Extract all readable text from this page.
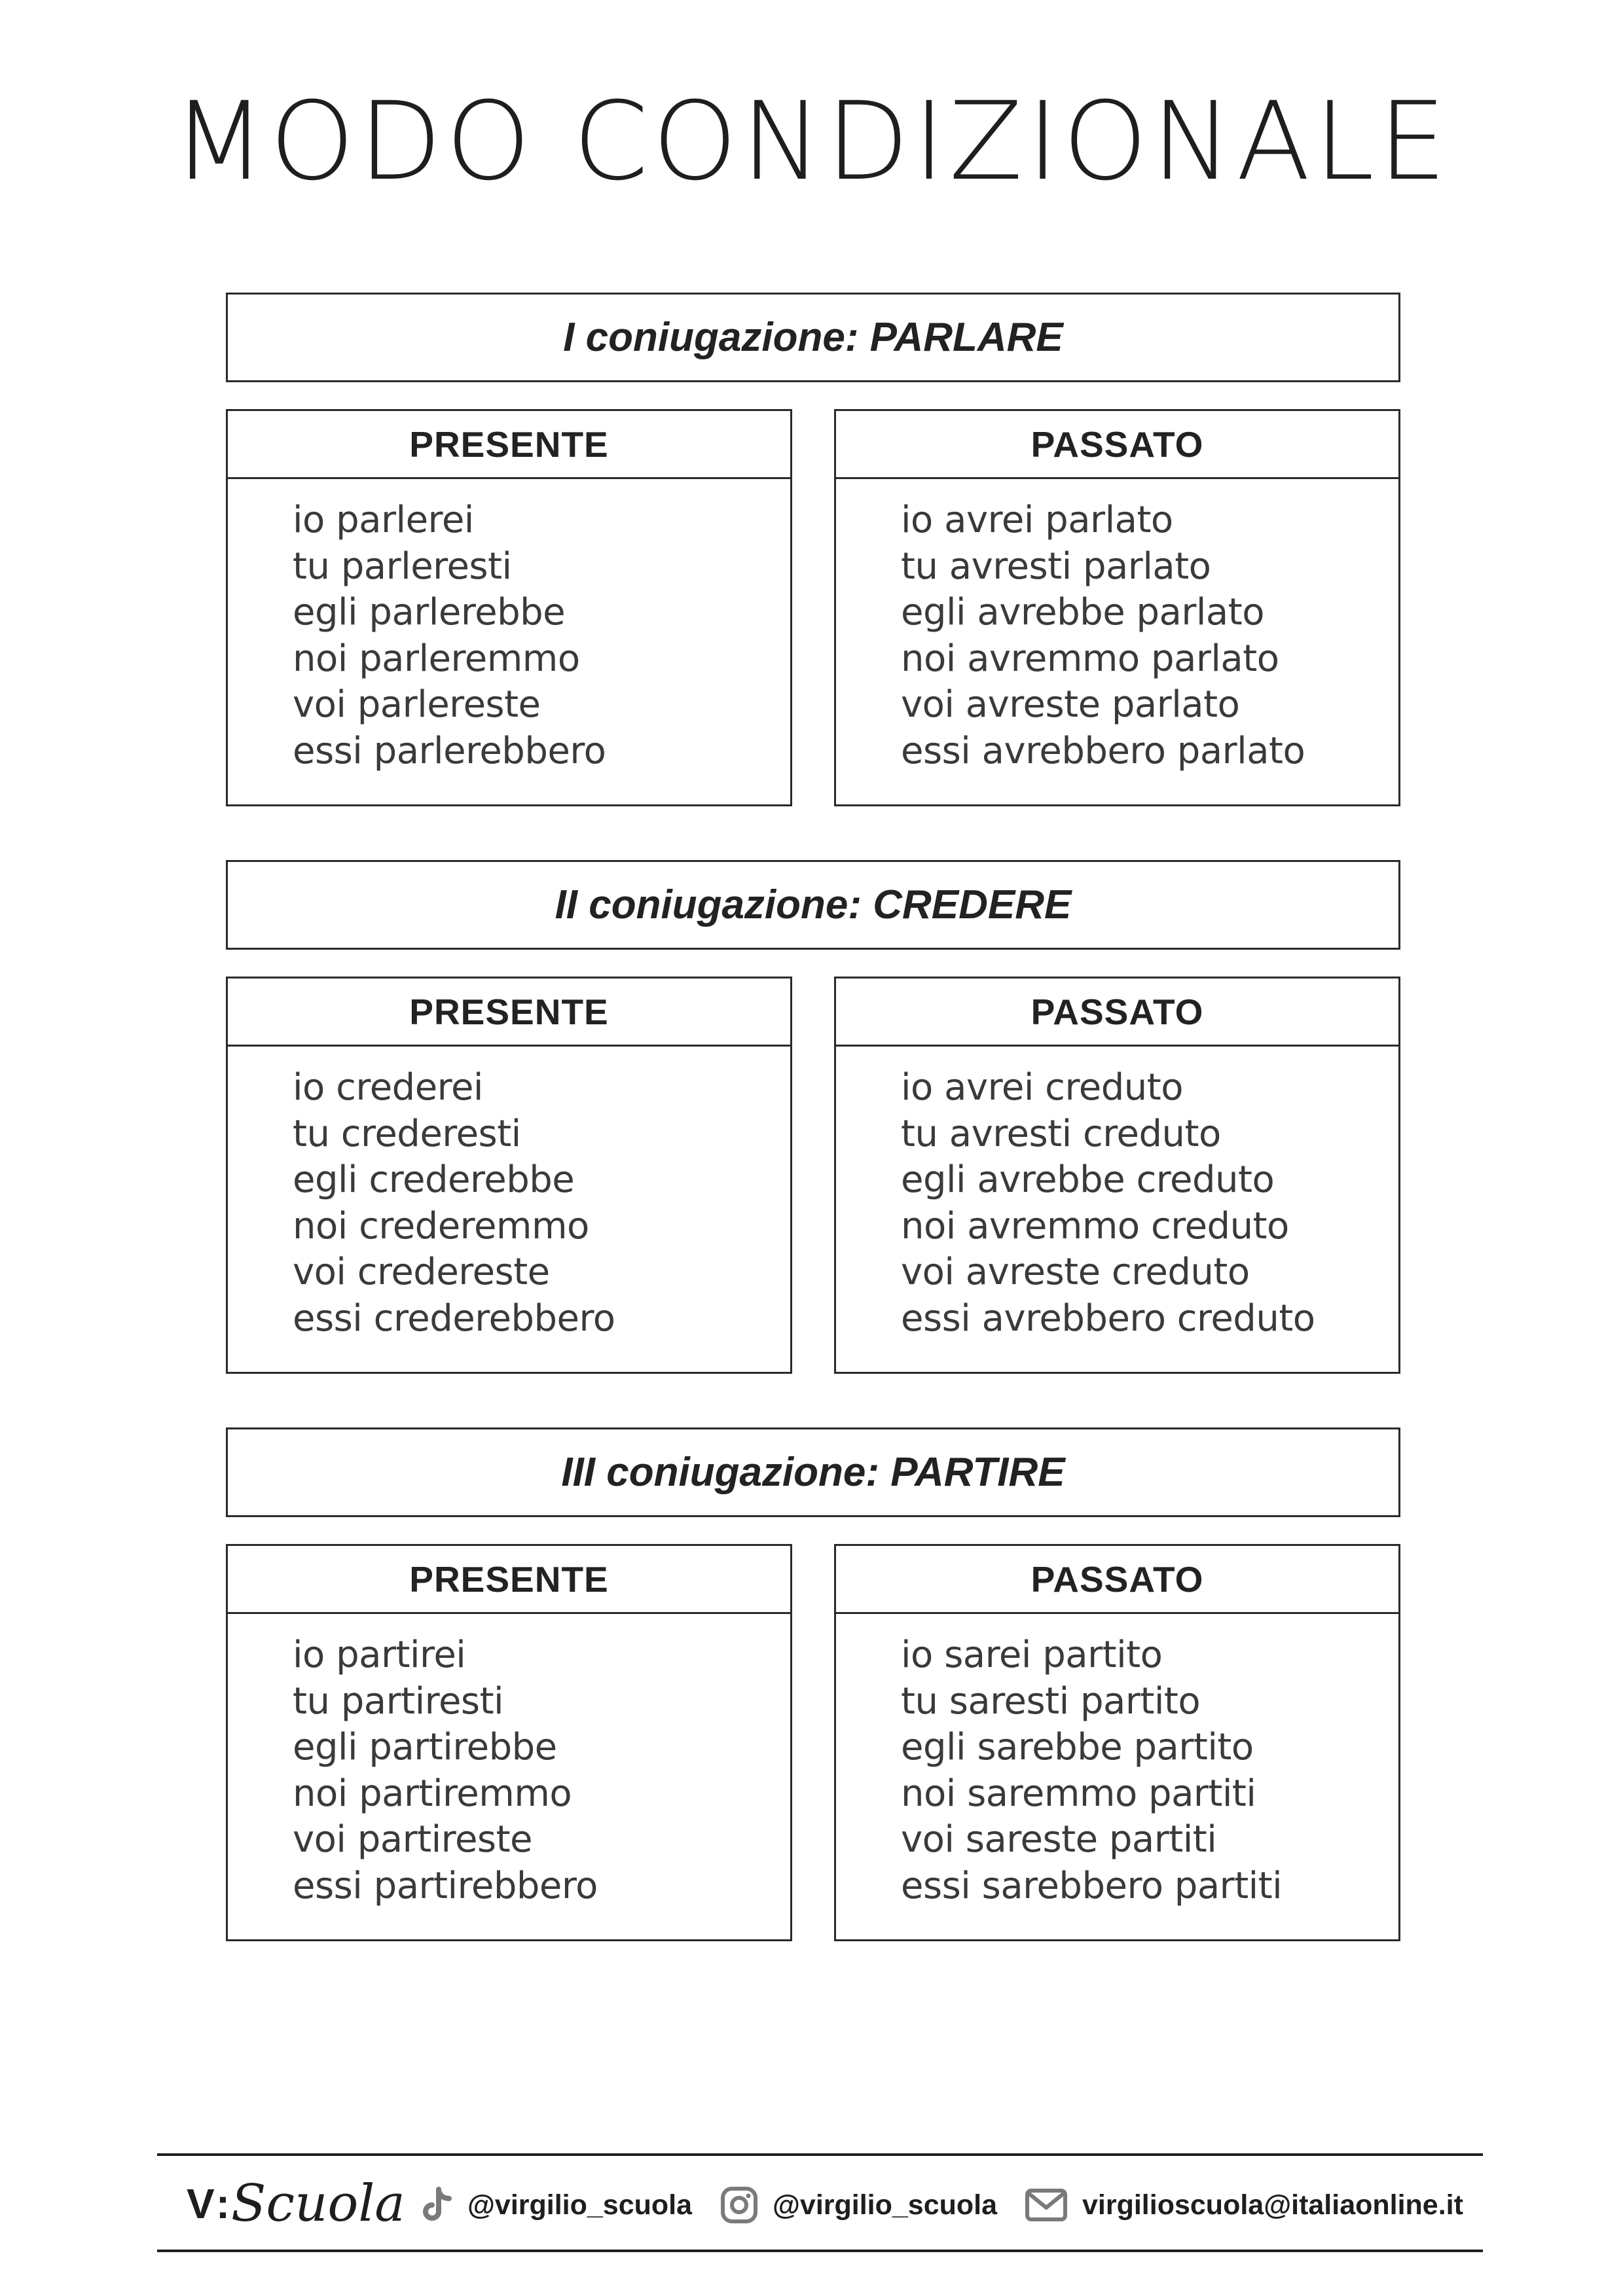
MODO CONDIZIONALE
I coniugazione: PARLARE
PRESENTE
io parlerei
tu parleresti
egli parlerebbe
noi parleremmo
voi parlereste
essi parlerebbero
PASSATO
io avrei parlato
tu avresti parlato
egli avrebbe parlato
noi avremmo parlato
voi avreste parlato
essi avrebbero parlato
II coniugazione: CREDERE
PRESENTE
io crederei
tu crederesti
egli crederebbe
noi crederemmo
voi credereste
essi crederebbero
PASSATO
io avrei creduto
tu avresti creduto
egli avrebbe creduto
noi avremmo creduto
voi avreste creduto
essi avrebbero creduto
III coniugazione: PARTIRE
PRESENTE
io partirei
tu partiresti
egli partirebbe
noi partiremmo
voi partireste
essi partirebbero
PASSATO
io sarei partito
tu saresti partito
egli sarebbe partito
noi saremmo partiti
voi sareste partiti
essi sarebbero partiti
V : Scuola @virgilio_scuola	@virgilio_scuola	virgilioscuola@italiaonline.it
